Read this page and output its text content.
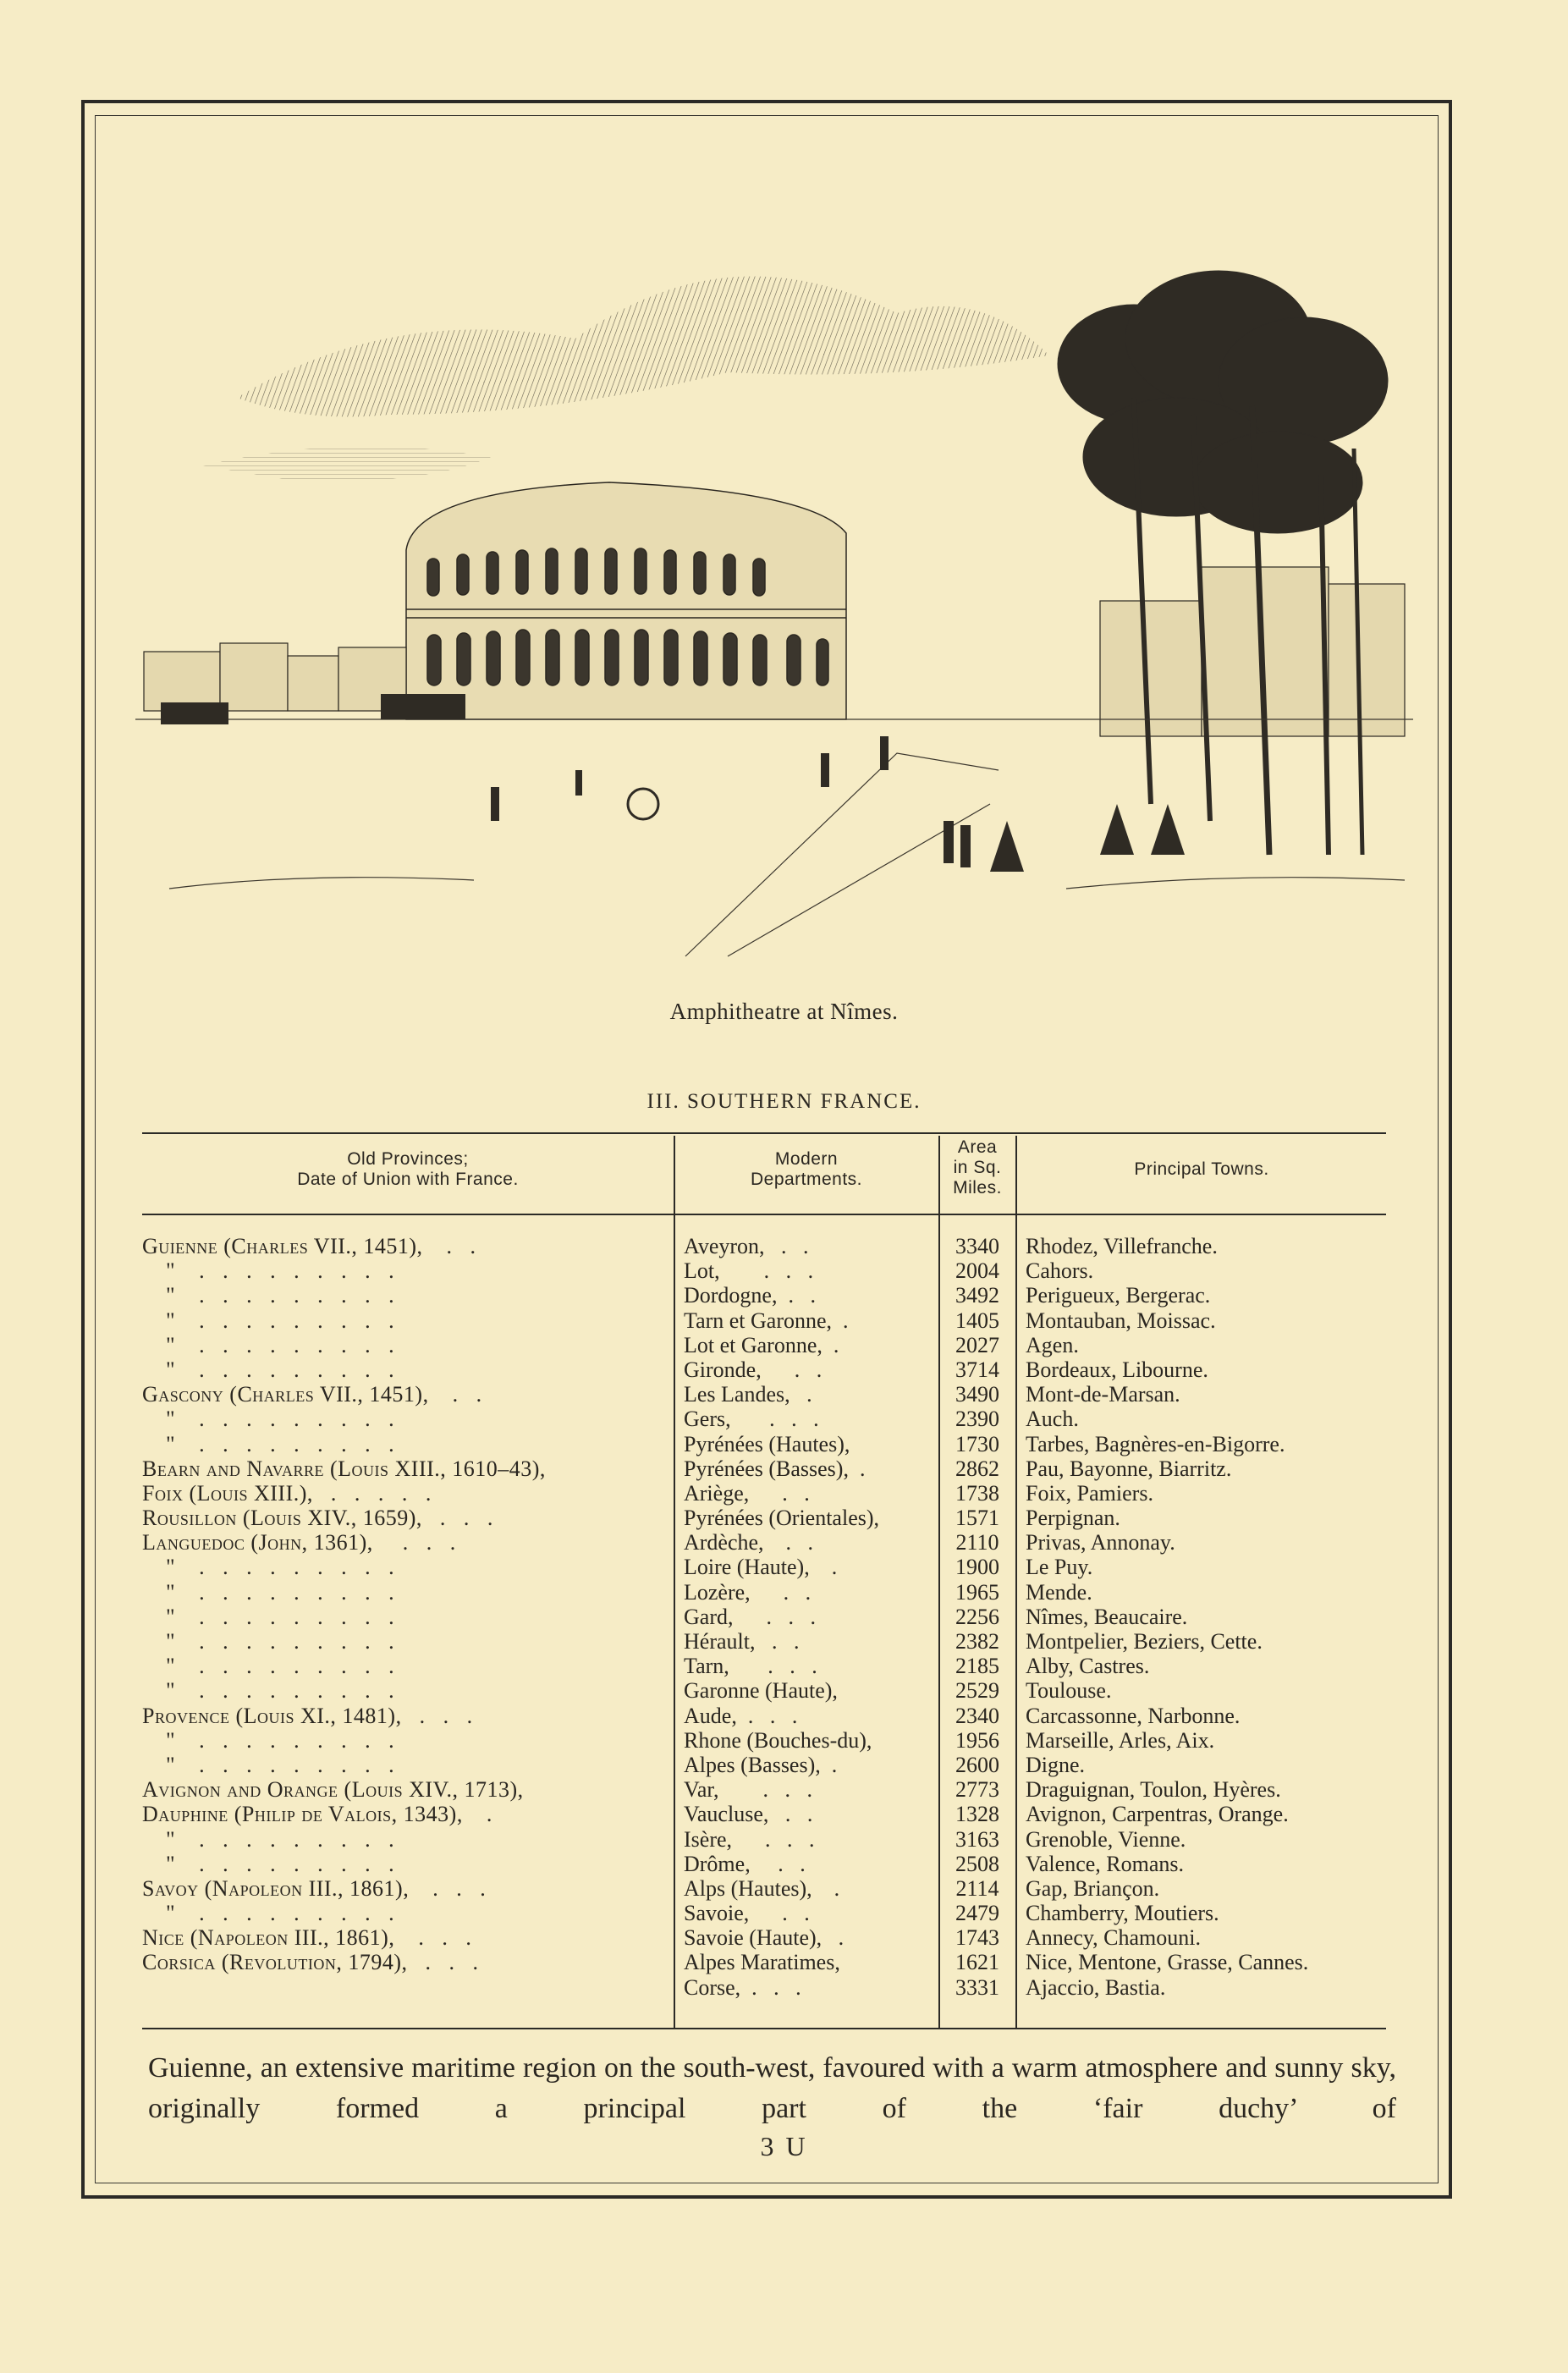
Amphitheatre at Nîmes.
III. SOUTHERN FRANCE.
Old Provinces;
Date of Union with France.
Modern
Departments.
Area
in Sq.
Miles.
Principal Towns.
Guienne (Charles VII., 1451),    .   .
"    .   .   .   .   .   .   .   .   .
"    .   .   .   .   .   .   .   .   .
"    .   .   .   .   .   .   .   .   .
"    .   .   .   .   .   .   .   .   .
"    .   .   .   .   .   .   .   .   .
Gascony (Charles VII., 1451),    .   .
"    .   .   .   .   .   .   .   .   .
"    .   .   .   .   .   .   .   .   .
Bearn and Navarre (Louis XIII., 1610–43),
Foix (Louis XIII.),   .   .   .   .   .
Rousillon (Louis XIV., 1659),   .   .   .
Languedoc (John, 1361),     .   .   .
"    .   .   .   .   .   .   .   .   .
"    .   .   .   .   .   .   .   .   .
"    .   .   .   .   .   .   .   .   .
"    .   .   .   .   .   .   .   .   .
"    .   .   .   .   .   .   .   .   .
"    .   .   .   .   .   .   .   .   .
Provence (Louis XI., 1481),   .   .   .
"    .   .   .   .   .   .   .   .   .
"    .   .   .   .   .   .   .   .   .
Avignon and Orange (Louis XIV., 1713),
Dauphine (Philip de Valois, 1343),    .
"    .   .   .   .   .   .   .   .   .
"    .   .   .   .   .   .   .   .   .
Savoy (Napoleon III., 1861),    .   .   .
"    .   .   .   .   .   .   .   .   .
Nice (Napoleon III., 1861),    .   .   .
Corsica (Revolution, 1794),   .   .   .
Aveyron,   .   .
Lot,        .   .   .
Dordogne,  .   .
Tarn et Garonne,  .
Lot et Garonne,  .
Gironde,      .   .
Les Landes,   .
Gers,       .   .   .
Pyrénées (Hautes),
Pyrénées (Basses),  .
Ariège,      .   .
Pyrénées (Orientales),
Ardèche,    .   .
Loire (Haute),    .
Lozère,      .   .
Gard,      .   .   .
Hérault,   .   .
Tarn,       .   .   .
Garonne (Haute),
Aude,  .   .   .
Rhone (Bouches-du),
Alpes (Basses),  .
Var,        .   .   .
Vaucluse,   .   .
Isère,      .   .   .
Drôme,     .   .
Alps (Hautes),    .
Savoie,      .   .
Savoie (Haute),   .
Alpes Maratimes,
Corse,  .   .   .
3340
2004
3492
1405
2027
3714
3490
2390
1730
2862
1738
1571
2110
1900
1965
2256
2382
2185
2529
2340
1956
2600
2773
1328
3163
2508
2114
2479
1743
1621
3331
Rhodez, Villefranche.
Cahors.
Perigueux, Bergerac.
Montauban, Moissac.
Agen.
Bordeaux, Libourne.
Mont-de-Marsan.
Auch.
Tarbes, Bagnères-en-Bigorre.
Pau, Bayonne, Biarritz.
Foix, Pamiers.
Perpignan.
Privas, Annonay.
Le Puy.
Mende.
Nîmes, Beaucaire.
Montpelier, Beziers, Cette.
Alby, Castres.
Toulouse.
Carcassonne, Narbonne.
Marseille, Arles, Aix.
Digne.
Draguignan, Toulon, Hyères.
Avignon, Carpentras, Orange.
Grenoble, Vienne.
Valence, Romans.
Gap, Briançon.
Chamberry, Moutiers.
Annecy, Chamouni.
Nice, Mentone, Grasse, Cannes.
Ajaccio, Bastia.
Guienne, an extensive maritime region on the south-west, favoured with a warm atmosphere and sunny sky, originally formed a principal part of the ‘fair duchy’ of
3 U
